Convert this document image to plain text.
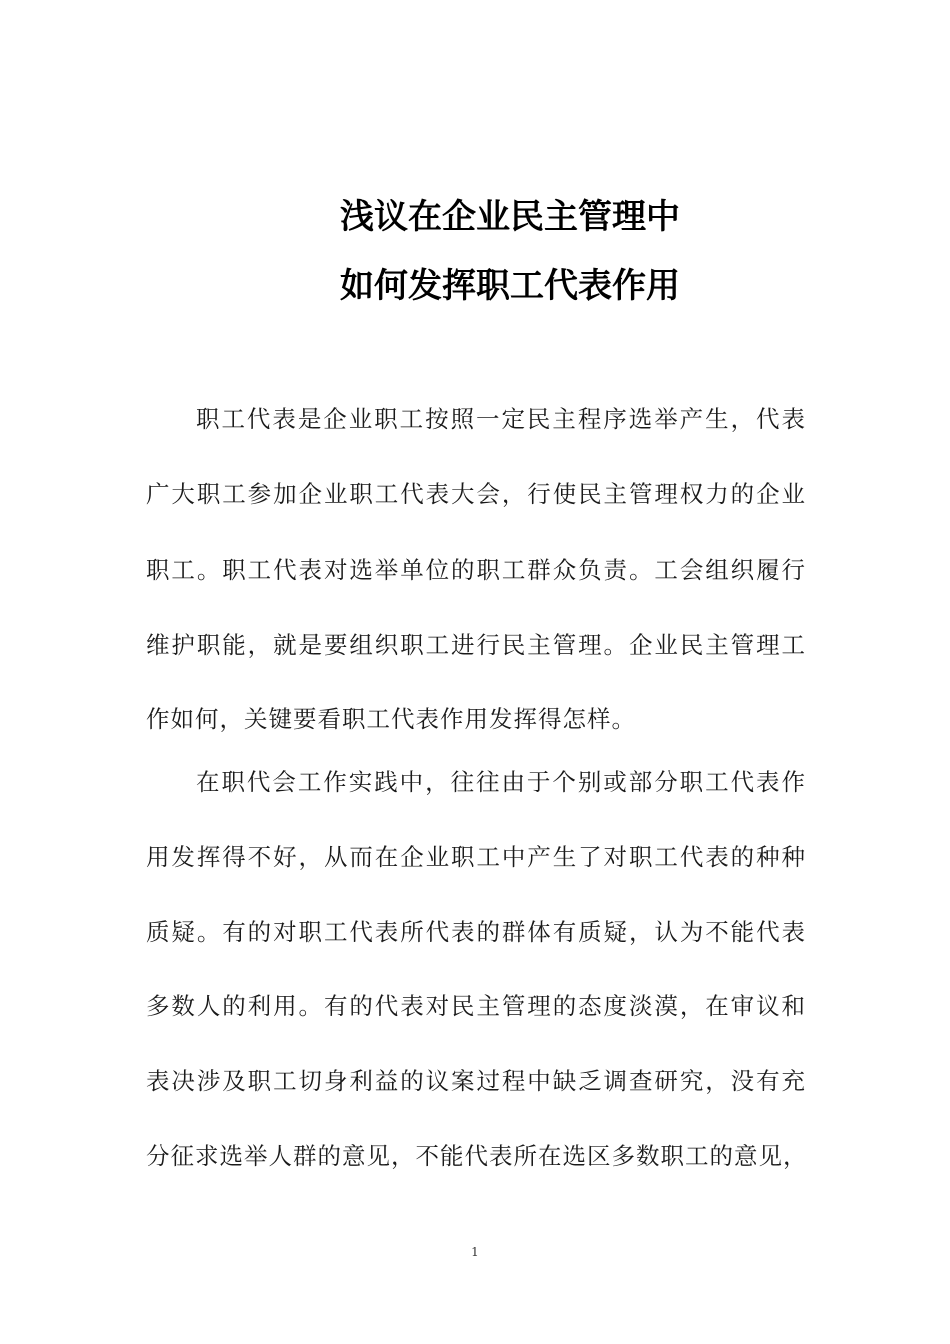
浅议在企业民主管理中
如何发挥职工代表作用
职工代表是企业职工按照一定民主程序选举产生，代表
广大职工参加企业职工代表大会，行使民主管理权力的企业
职工。职工代表对选举单位的职工群众负责。工会组织履行
维护职能，就是要组织职工进行民主管理。企业民主管理工
作如何，关键要看职工代表作用发挥得怎样。
在职代会工作实践中，往往由于个别或部分职工代表作
用发挥得不好，从而在企业职工中产生了对职工代表的种种
质疑。有的对职工代表所代表的群体有质疑，认为不能代表
多数人的利用。有的代表对民主管理的态度淡漠，在审议和
表决涉及职工切身利益的议案过程中缺乏调查研究，没有充
分征求选举人群的意见，不能代表所在选区多数职工的意见，
1
